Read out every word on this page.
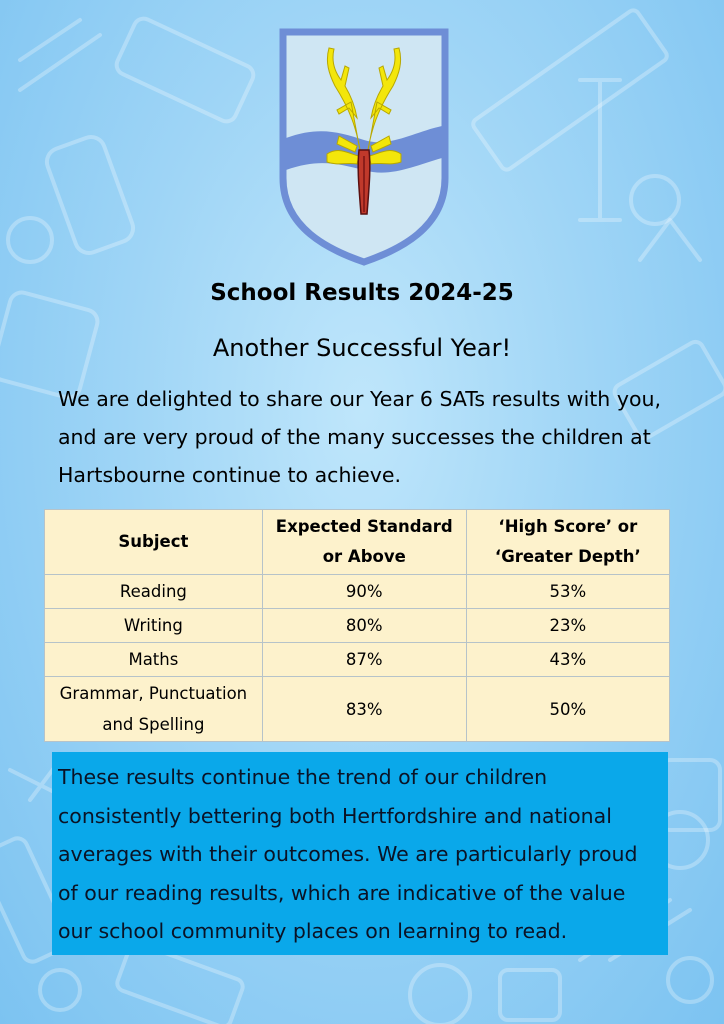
School Results 2024-25
Another Successful Year!
We are delighted to share our Year 6 SATs results with you, and are very proud of the many successes the children at Hartsbourne continue to achieve.
Subject	Expected Standard or Above	‘High Score’ or ‘Greater Depth’
Reading	90%	53%
Writing	80%	23%
Maths	87%	43%
Grammar, Punctuation and Spelling	83%	50%
These results continue the trend of our children consistently bettering both Hertfordshire and national averages with their outcomes. We are particularly proud of our reading results, which are indicative of the value our school community places on learning to read.
